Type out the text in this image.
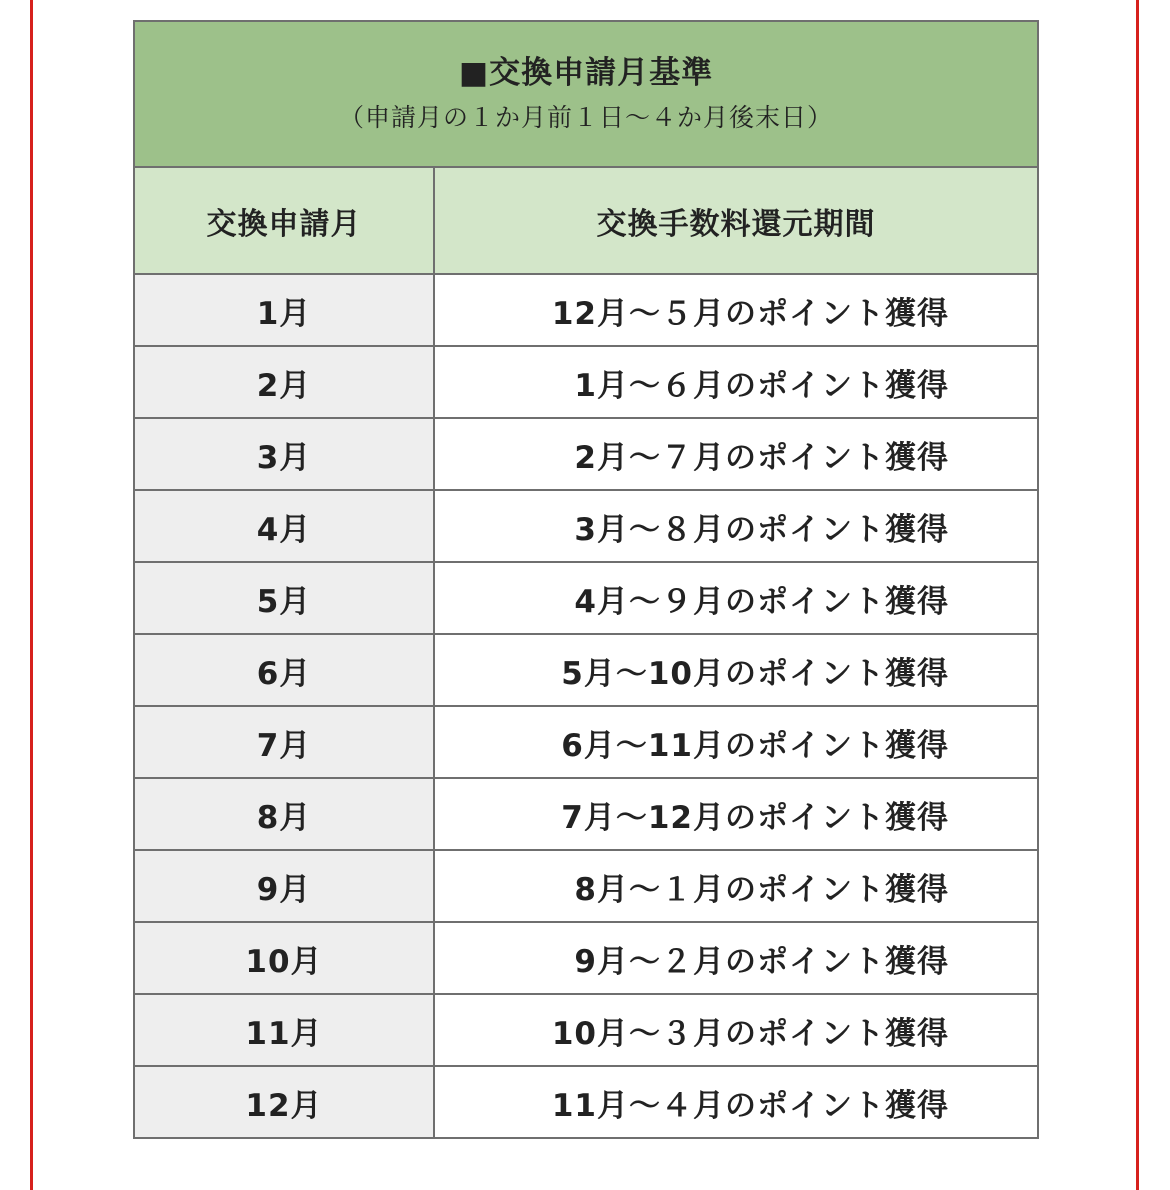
■交換申請月基準
（申請月の１か月前１日～４か月後末日）	

交換申請月	交換手数料還元期間
1月	12月～５月のポイント獲得
2月	1月～６月のポイント獲得
3月	2月～７月のポイント獲得
4月	3月～８月のポイント獲得
5月	4月～９月のポイント獲得
6月	5月～10月のポイント獲得
7月	6月～11月のポイント獲得
8月	7月～12月のポイント獲得
9月	8月～１月のポイント獲得
10月	9月～２月のポイント獲得
11月	10月～３月のポイント獲得
12月	11月～４月のポイント獲得
